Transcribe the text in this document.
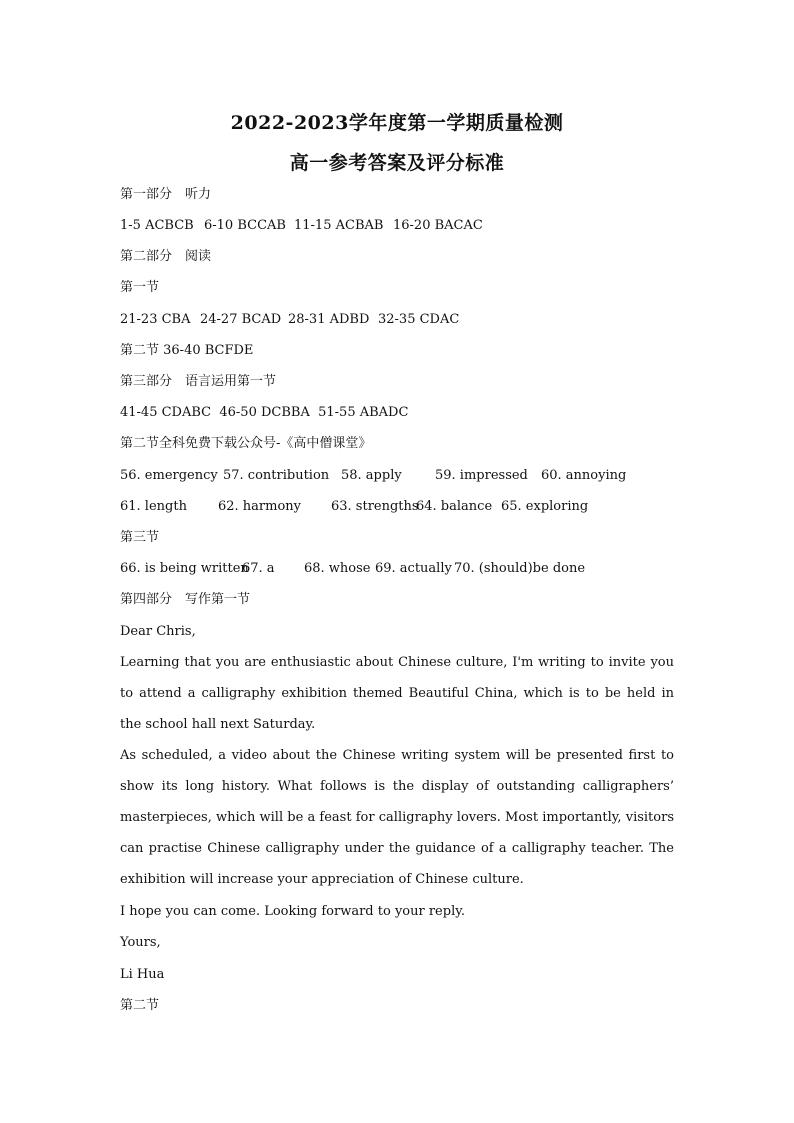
2022-2023学年度第一学期质量检测
高一参考答案及评分标准
第一部分　听力
1-5 ACBCB 6-10 BCCAB 11-15 ACBAB 16-20 BACAC
第二部分　阅读
第一节
21-23 CBA 24-27 BCAD 28-31 ADBD 32-35 CDAC
第二节 36-40 BCFDE
第三部分　语言运用第一节
41-45 CDABC  46-50 DCBBA  51-55 ABADC
第二节全科免费下载公众号-《高中僧课堂》
56. emergency 57. contribution 58. apply	59. impressed 60. annoying
61. length 62. harmony 63. strengths
64. balance 65. exploring
第三节
66. is being written
67. a 68. whose 69. actually 70. (should)be done
第四部分　写作第一节
Dear Chris,
Learning that you are enthusiastic about Chinese culture, I'm writing to invite you to attend a calligraphy exhibition themed Beautiful China, which is to be held in the school hall next Saturday.
As scheduled, a video about the Chinese writing system will be presented first to show its long history. What follows is the display of outstanding calligraphers’ masterpieces, which will be a feast for calligraphy lovers. Most importantly, visitors can practise Chinese calligraphy under the guidance of a calligraphy teacher. The exhibition will increase your appreciation of Chinese culture.
I hope you can come. Looking forward to your reply.
Yours,
Li Hua
第二节
